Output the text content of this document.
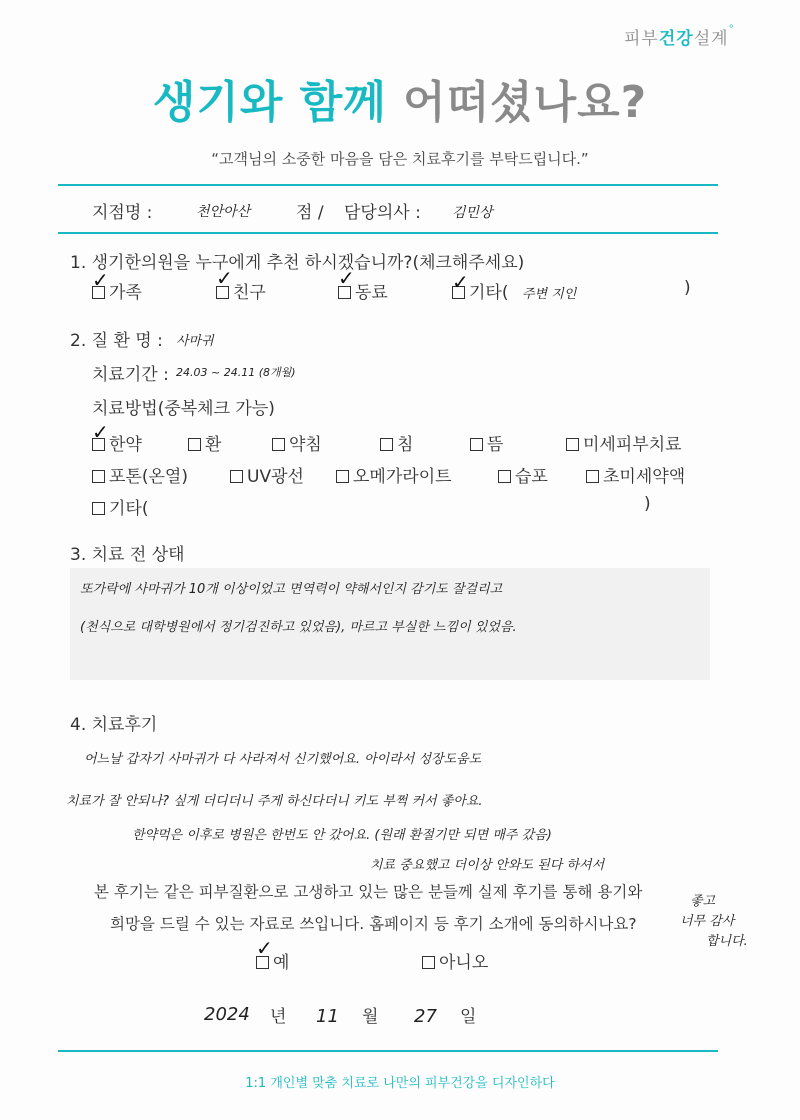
피부건강설계°
생기와 함께 어떠셨나요?
“고객님의 소중한 마음을 담은 치료후기를 부탁드립니다.”
지점명 :	천안아산	점 / 담당의사 : 김민상
1. 생기한의원을 누구에게 추천 하시겠습니까?(체크해주세요)
가족	친구	동료	기타( 주변 지인	)
✓	✓	✓	✓
2. 질 환 명 : 사마귀
치료기간 : 24.03 ~ 24.11 (8개월)
치료방법(중복체크 가능)
한약
✓
환	약침	침	뜸	미세피부치료
포톤(온열)	UV광선	오메가라이트	습포	초미세약액
기타(	)
3. 치료 전 상태
또가락에 사마귀가 10개 이상이었고 면역력이 약해서인지 감기도 잘걸리고
(천식으로 대학병원에서 정기검진하고 있었음), 마르고 부실한 느낌이 있었음.
4. 치료후기
어느날 갑자기 사마귀가 다 사라져서 신기했어요. 아이라서 성장도움도
치료가 잘 안되나? 싶게 더디더니 주게 하신다더니 키도 부쩍 커서 좋아요.
한약먹은 이후로 병원은 한번도 안 갔어요. (원래 환절기만 되면 매주 갔음)
치료 중요했고 더이상 안와도 된다 하셔서
좋고
너무 감사
합니다.
본 후기는 같은 피부질환으로 고생하고 있는 많은 분들께 실제 후기를 통해 용기와
희망을 드릴 수 있는 자료로 쓰입니다. 홈페이지 등 후기 소개에 동의하시나요?
예
✓
아니오
2024 년 11 월 27 일
1:1 개인별 맞춤 치료로 나만의 피부건강을 디자인하다
